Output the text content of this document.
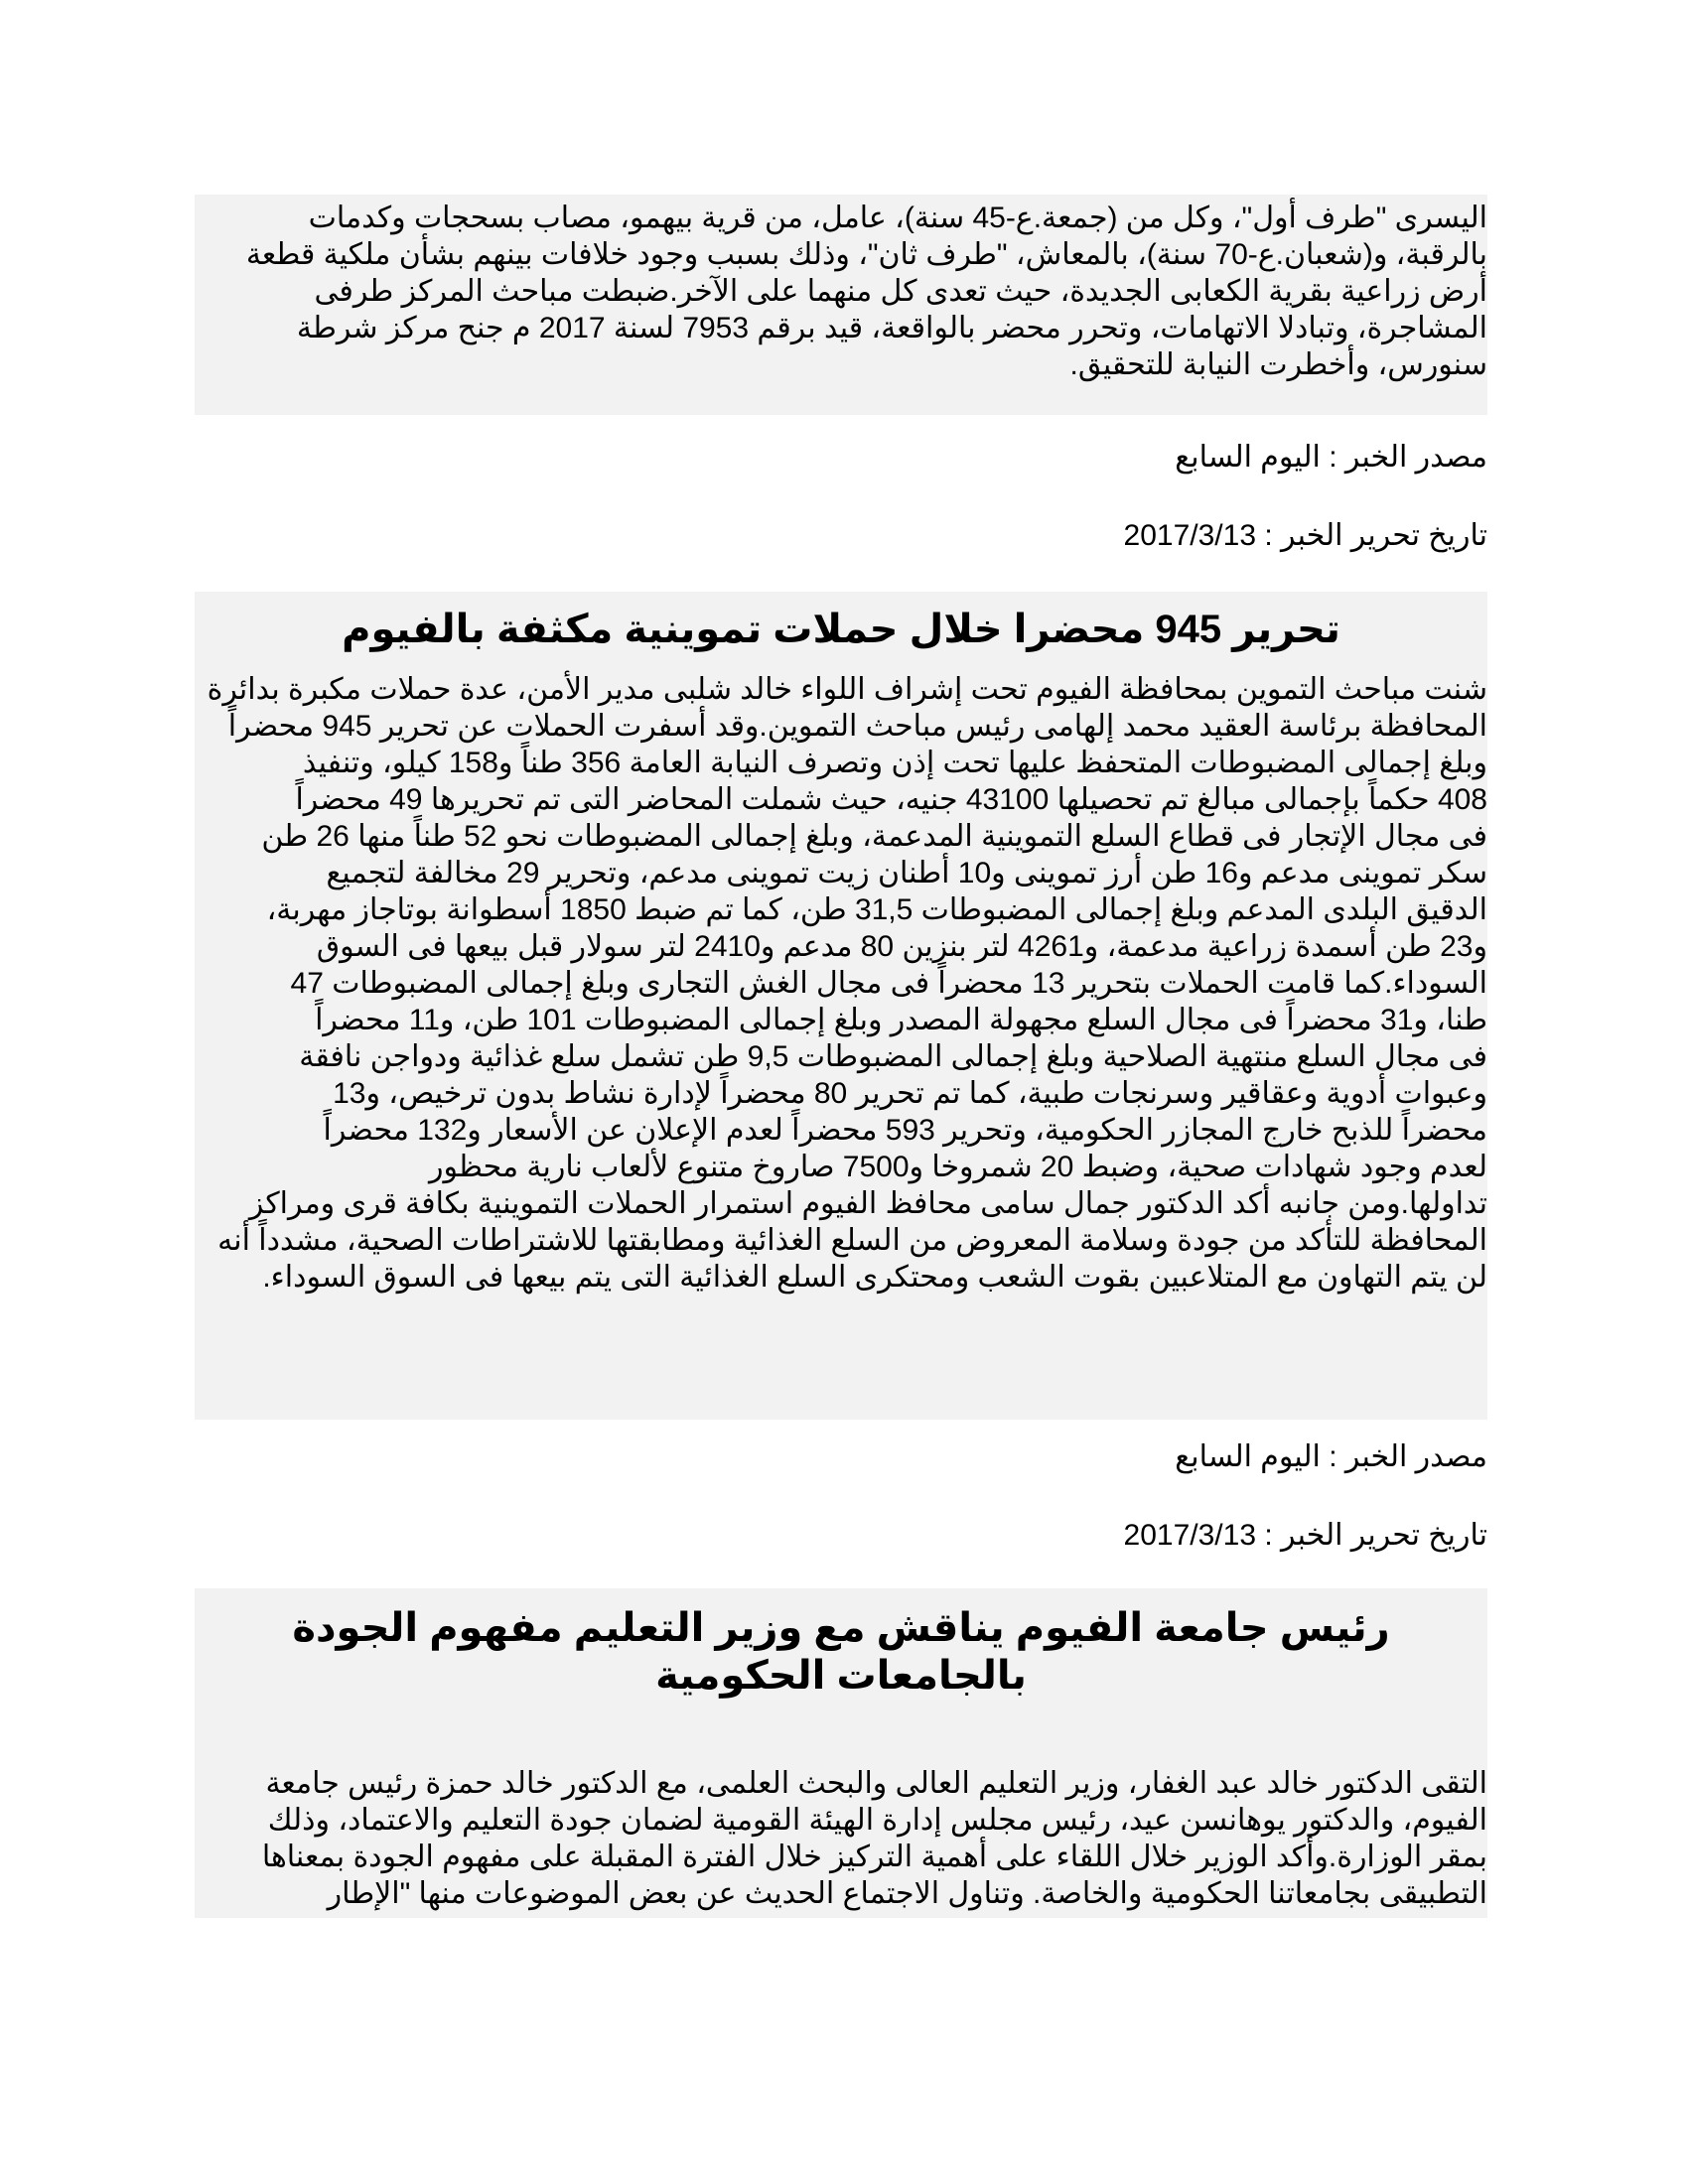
اليسرى "طرف أول"، وكل من (جمعة.ع-45 سنة)، عامل، من قرية بيهمو، مصاب بسحجات وكدمات

بالرقبة، و(شعبان.ع-70 سنة)، بالمعاش، "طرف ثان"، وذلك بسبب وجود خلافات بينهم بشأن ملكية قطعة

أرض زراعية بقرية الكعابى الجديدة، حيث تعدى كل منهما على الآخر.ضبطت مباحث المركز طرفى

المشاجرة، وتبادلا الاتهامات، وتحرر محضر بالواقعة، قيد برقم 7953 لسنة 2017 م جنح مركز شرطة

سنورس، وأخطرت النيابة للتحقيق.

مصدر الخبر : اليوم السابع
تاريخ تحرير الخبر : 2017/3/13
تحرير 945 محضرا خلال حملات تموينية مكثفة بالفيوم

شنت مباحث التموين بمحافظة الفيوم تحت إشراف اللواء خالد شلبى مدير الأمن، عدة حملات مكبرة بدائرة

المحافظة برئاسة العقيد محمد إلهامى رئيس مباحث التموين.وقد أسفرت الحملات عن تحرير 945 محضراً

وبلغ إجمالى المضبوطات المتحفظ عليها تحت إذن وتصرف النيابة العامة 356 طناً و158 كيلو، وتنفيذ

408 حكماً بإجمالى مبالغ تم تحصيلها 43100 جنيه، حيث شملت المحاضر التى تم تحريرها 49 محضراً

فى مجال الإتجار فى قطاع السلع التموينية المدعمة، وبلغ إجمالى المضبوطات نحو 52 طناً منها 26 طن

سكر تموينى مدعم و16 طن أرز تموينى و10 أطنان زيت تموينى مدعم، وتحرير 29 مخالفة لتجميع

الدقيق البلدى المدعم وبلغ إجمالى المضبوطات 31,5 طن، كما تم ضبط 1850 أسطوانة بوتاجاز مهربة،

و23 طن أسمدة زراعية مدعمة، و4261 لتر بنزين 80 مدعم و2410 لتر سولار قبل بيعها فى السوق

السوداء.كما قامت الحملات بتحرير 13 محضراً فى مجال الغش التجارى وبلغ إجمالى المضبوطات 47

طنا، و31 محضراً فى مجال السلع مجهولة المصدر وبلغ إجمالى المضبوطات 101 طن، و11 محضراً

فى مجال السلع منتهية الصلاحية وبلغ إجمالى المضبوطات 9,5 طن تشمل سلع غذائية ودواجن نافقة

وعبوات أدوية وعقاقير وسرنجات طبية، كما تم تحرير 80 محضراً لإدارة نشاط بدون ترخيص، و13

محضراً للذبح خارج المجازر الحكومية، وتحرير 593 محضراً لعدم الإعلان عن الأسعار و132 محضراً

لعدم وجود شهادات صحية، وضبط 20 شمروخا و7500 صاروخ متنوع لألعاب نارية محظور

تداولها.ومن جانبه أكد الدكتور جمال سامى محافظ الفيوم استمرار الحملات التموينية بكافة قرى ومراكز

المحافظة للتأكد من جودة وسلامة المعروض من السلع الغذائية ومطابقتها للاشتراطات الصحية، مشدداً أنه

لن يتم التهاون مع المتلاعبين بقوت الشعب ومحتكرى السلع الغذائية التى يتم بيعها فى السوق السوداء.

مصدر الخبر : اليوم السابع
تاريخ تحرير الخبر : 2017/3/13
رئيس جامعة الفيوم يناقش مع وزير التعليم مفهوم الجودة بالجامعات الحكومية

التقى الدكتور خالد عبد الغفار، وزير التعليم العالى والبحث العلمى، مع الدكتور خالد حمزة رئيس جامعة

الفيوم، والدكتور يوهانسن عيد، رئيس مجلس إدارة الهيئة القومية لضمان جودة التعليم والاعتماد، وذلك

بمقر الوزارة.وأكد الوزير خلال اللقاء على أهمية التركيز خلال الفترة المقبلة على مفهوم الجودة بمعناها

التطبيقى بجامعاتنا الحكومية والخاصة. وتناول الاجتماع الحديث عن بعض الموضوعات منها "الإطار
